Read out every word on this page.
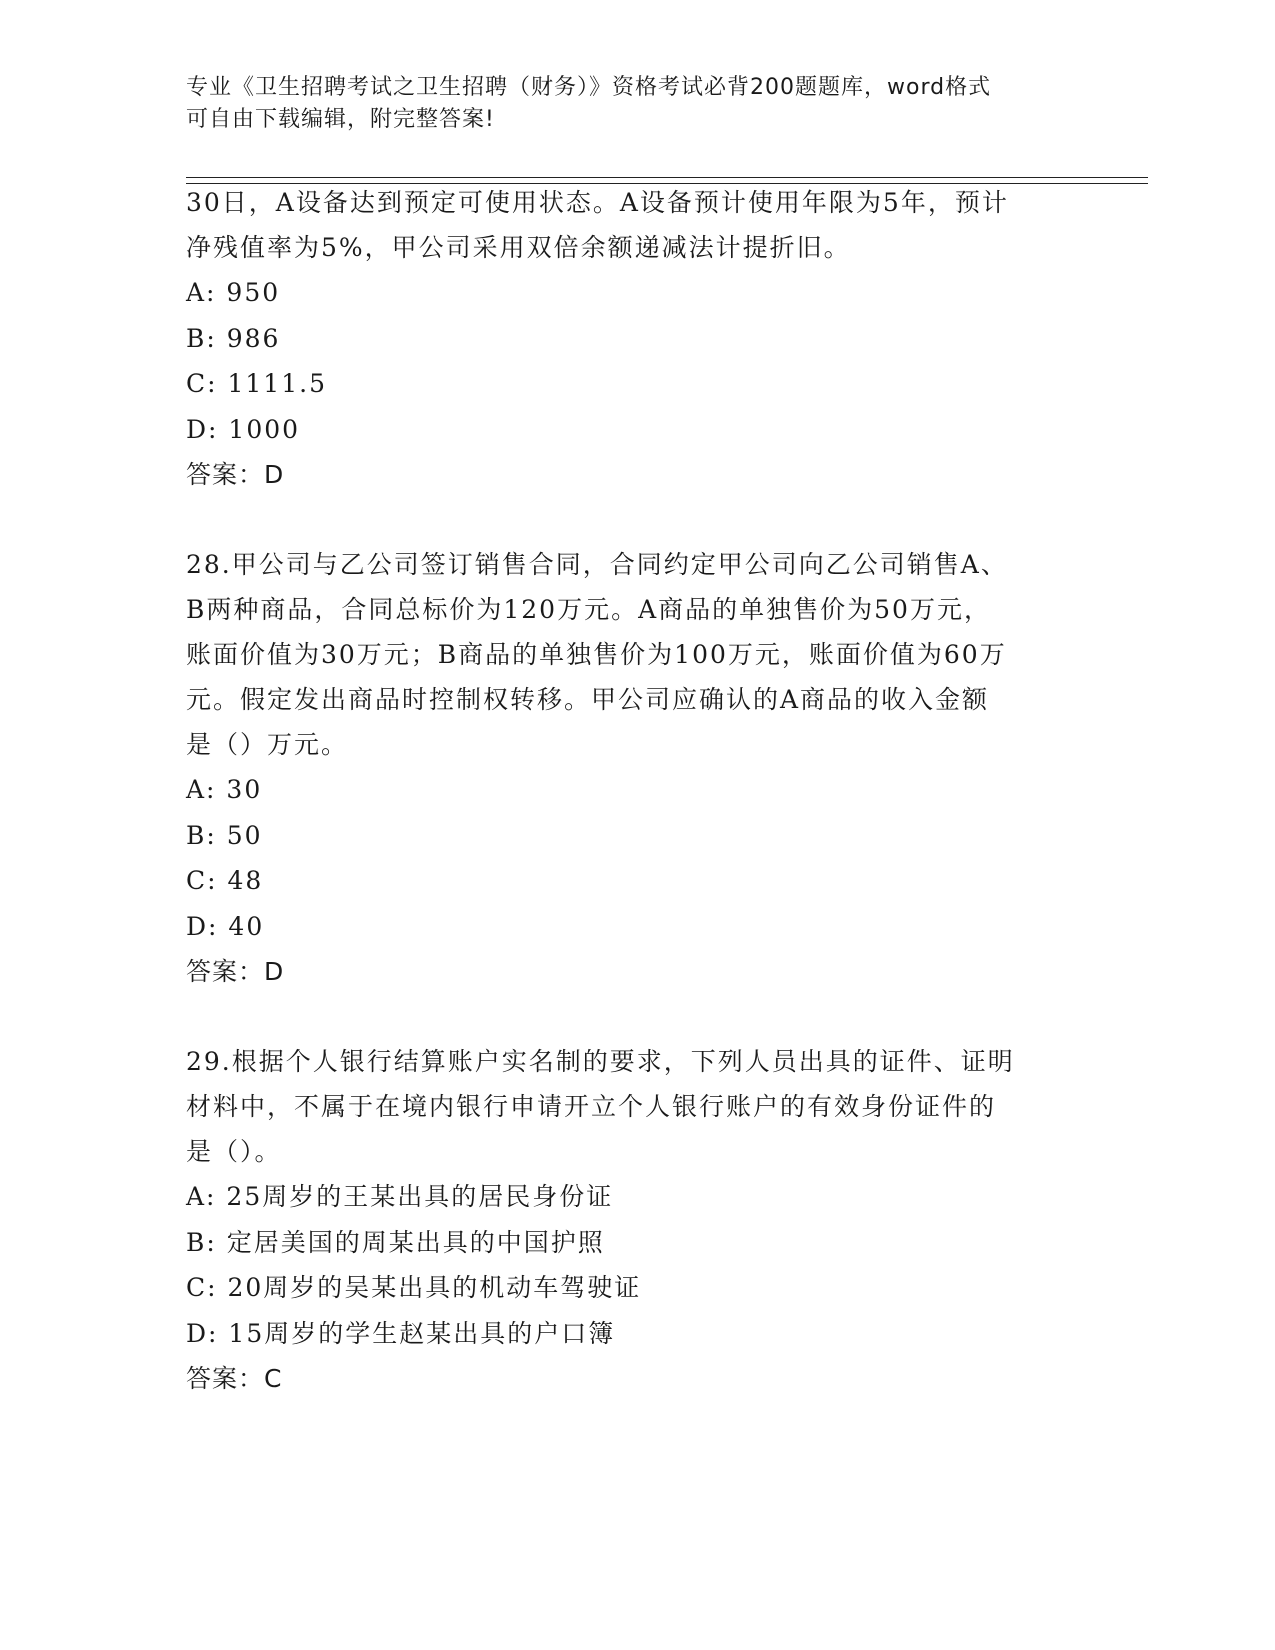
专业《卫生招聘考试之卫生招聘（财务）》资格考试必背200题题库，word格式
可自由下载编辑，附完整答案!
30日，A设备达到预定可使用状态。A设备预计使用年限为5年，预计
净残值率为5%，甲公司采用双倍余额递减法计提折旧。
A: 950
B: 986
C: 1111.5
D: 1000
答案：D
28.甲公司与乙公司签订销售合同，合同约定甲公司向乙公司销售A、
B两种商品，合同总标价为120万元。A商品的单独售价为50万元，
账面价值为30万元；B商品的单独售价为100万元，账面价值为60万
元。假定发出商品时控制权转移。甲公司应确认的A商品的收入金额
是（）万元。
A: 30
B: 50
C: 48
D: 40
答案：D
29.根据个人银行结算账户实名制的要求，下列人员出具的证件、证明
材料中，不属于在境内银行申请开立个人银行账户的有效身份证件的
是（）。
A: 25周岁的王某出具的居民身份证
B: 定居美国的周某出具的中国护照
C: 20周岁的吴某出具的机动车驾驶证
D: 15周岁的学生赵某出具的户口簿
答案：C
